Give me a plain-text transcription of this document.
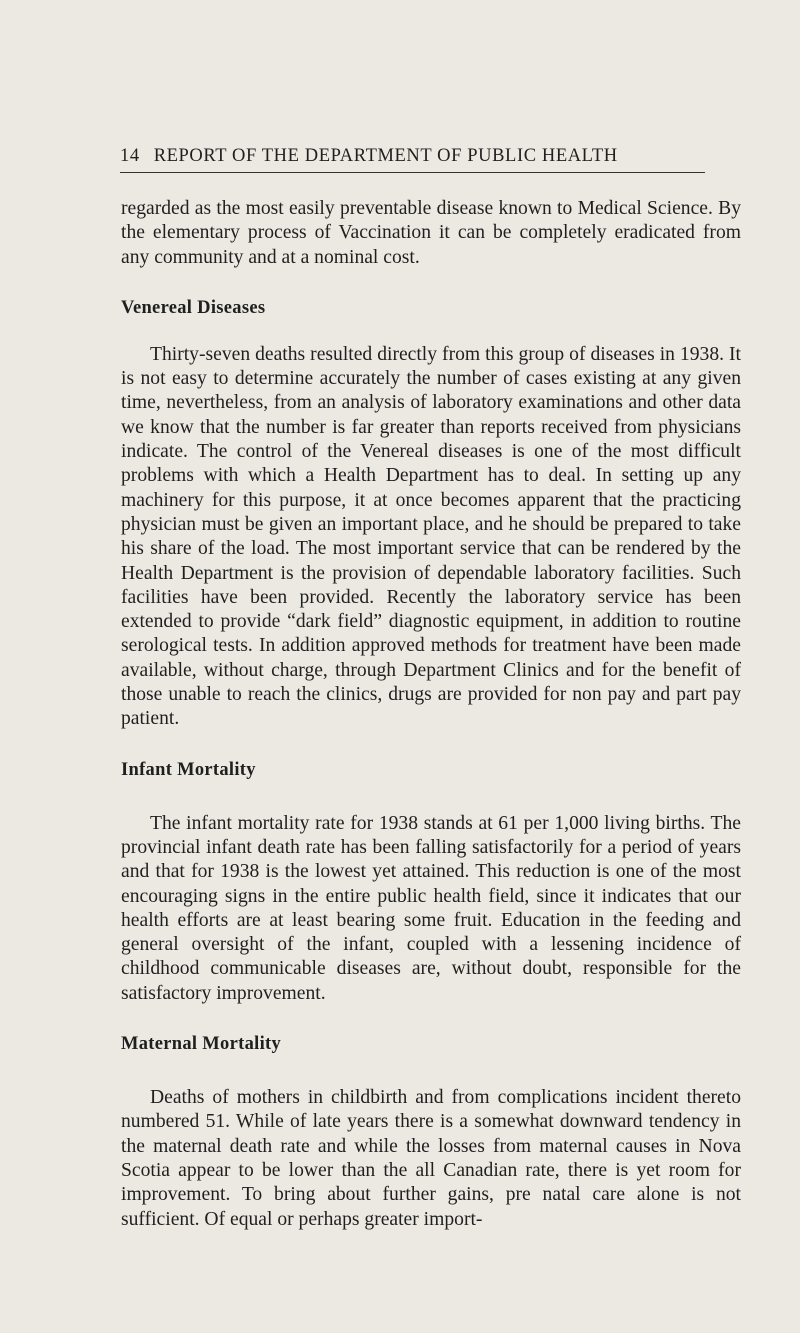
14 REPORT OF THE DEPARTMENT OF PUBLIC HEALTH

regarded as the most easily preventable disease known to Medical Science. By the elementary process of Vaccination it can be completely eradicated from any community and at a nominal cost.

Venereal Diseases

Thirty-seven deaths resulted directly from this group of diseases in 1938. It is not easy to determine accurately the number of cases existing at any given time, nevertheless, from an analysis of laboratory examinations and other data we know that the number is far greater than reports received from physicians indicate. The control of the Venereal diseases is one of the most difficult problems with which a Health Department has to deal. In setting up any machinery for this purpose, it at once becomes apparent that the practicing physician must be given an important place, and he should be prepared to take his share of the load. The most important service that can be rendered by the Health Department is the provision of dependable laboratory facilities. Such facilities have been provided. Recently the laboratory service has been extended to provide “dark field” diagnostic equipment, in addition to routine serological tests. In addition approved methods for treatment have been made available, without charge, through Department Clinics and for the benefit of those unable to reach the clinics, drugs are provided for non pay and part pay patient.

Infant Mortality

The infant mortality rate for 1938 stands at 61 per 1,000 living births. The provincial infant death rate has been falling satisfactorily for a period of years and that for 1938 is the lowest yet attained. This reduction is one of the most encouraging signs in the entire public health field, since it indicates that our health efforts are at least bearing some fruit. Education in the feeding and general oversight of the infant, coupled with a lessening incidence of childhood communicable diseases are, without doubt, responsible for the satisfactory improvement.

Maternal Mortality

Deaths of mothers in childbirth and from complications incident thereto numbered 51. While of late years there is a somewhat downward tendency in the maternal death rate and while the losses from maternal causes in Nova Scotia appear to be lower than the all Canadian rate, there is yet room for improvement. To bring about further gains, pre natal care alone is not sufficient. Of equal or perhaps greater import-
